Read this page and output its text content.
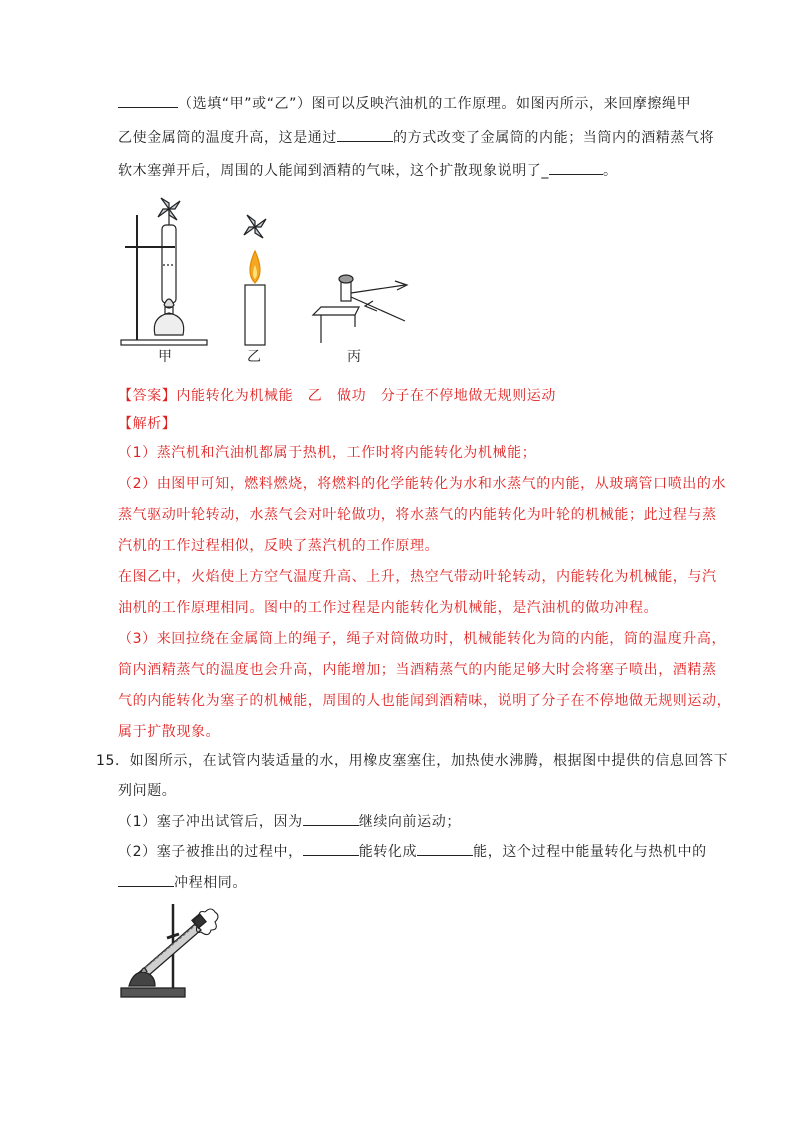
（选填“甲”或“乙”）图可以反映汽油机的工作原理。如图丙所示，来回摩擦绳甲
乙使金属筒的温度升高，这是通过	的方式改变了金属筒的内能；当筒内的酒精蒸气将
软木塞弹开后，周围的人能闻到酒精的气味，这个扩散现象说明了_	。
甲	乙	丙
【答案】内能转化为机械能　乙　做功　分子在不停地做无规则运动
【解析】
（1）蒸汽机和汽油机都属于热机，工作时将内能转化为机械能；
（2）由图甲可知，燃料燃烧，将燃料的化学能转化为水和水蒸气的内能，从玻璃管口喷出的水
蒸气驱动叶轮转动，水蒸气会对叶轮做功，将水蒸气的内能转化为叶轮的机械能；此过程与蒸
汽机的工作过程相似，反映了蒸汽机的工作原理。
在图乙中，火焰使上方空气温度升高、上升，热空气带动叶轮转动，内能转化为机械能，与汽
油机的工作原理相同。图中的工作过程是内能转化为机械能，是汽油机的做功冲程。
（3）来回拉绕在金属筒上的绳子，绳子对筒做功时，机械能转化为筒的内能，筒的温度升高，
筒内酒精蒸气的温度也会升高，内能增加；当酒精蒸气的内能足够大时会将塞子喷出，酒精蒸
气的内能转化为塞子的机械能，周围的人也能闻到酒精味，说明了分子在不停地做无规则运动，
属于扩散现象。
15．如图所示，在试管内装适量的水，用橡皮塞塞住，加热使水沸腾，根据图中提供的信息回答下
列问题。
（1）塞子冲出试管后，因为	继续向前运动；
（2）塞子被推出的过程中，	能转化成	能，这个过程中能量转化与热机中的
冲程相同。
